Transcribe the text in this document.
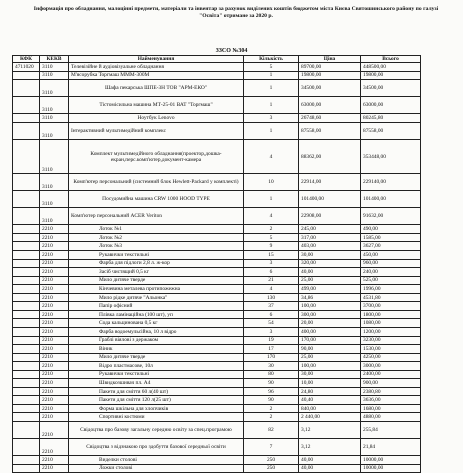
Інформація про обладнання, малоцінні предмети, матеріали та інвентар за рахунок виділених коштів бюджетом міста Києва Святошинського району по галузі "Освіта" отримане за 2020 р.
ЗЗСО №304
КФК	КЕКВ	Найменування	Кількість	Ціна	Всього
4711020	3110	Телевізійне й аудіовізуальне обладнання	5	89700,00	448500,00
	3110	М'ясорубка Торгмаш МММ-300М	1	19800,00	19800,00
	3110	Шафа пекарська ШПЕ-3Н ТОВ "АРМ-ЕКО"	1	34500,00	34500,00
	3110	Тістомісильна машина МТ-25-01 ВАТ "Торгмаш"	1	63000,00	63000,00
	3110	Ноутбук Lenovo	3	26748,60	80245,80
	3110	Інтерактивний мультимедійний комплекс	1	87558,00	87558,00
	3110	Комплект мультимедійного обладнання(проектор,дошка-екран,перс.комп'ютер,документ-камера	4	88362,00	353448,00
	3110	Комп'ютер персональний (системний блок Hewlett-Packard у комплекті)	10	22914,00	229140,00
	3110	Посудомийна машина CRW 1000 HOOD TYPE	1	101400,00	101400,00
	3110	Комп'ютер персональний ACER Veriton	4	22908,00	91632,00
	2210	Лоток №1	2	245,00	490,00
	2210	Лоток №2	5	317,00	1585,00
	2210	Лоток №3	9	403,00	3627,00
	2210	Рукавички текстильні	15	30,00	450,00
	2210	Фарба для підлоги 2,8 л. ж-кор	3	320,00	960,00
	2210	Засіб чистящий 0,5 кг	6	40,00	240,00
	2210	Мило дитяче тверде	21	25,00	525,00
	2210	Кінчевина металева протипожежна	4	499,00	1996,00
	2210	Мило рідке дитяче "Альонка"	130	34,86	4531,80
	2210	Папір офісний	37	100,00	3700,00
	2210	Плівка ламінаційна (100 шт), уп	6	300,00	1800,00
	2210	Сода кальцинована 0,5 кг	54	20,00	1080,00
	2210	Фарба водоемульсійна, 10 л відро	3	400,00	1200,00
	2210	Граблі віялові з держаком	19	170,00	3230,00
	2210	Віник	17	90,00	1530,00
	2210	Мило дитяче тверде	170	25,00	4250,00
	2210	Відро пластмасове, 10л	30	100,00	3000,00
	2210	Рукавички текстильні	80	30,00	2400,00
	2210	Швидкозшивач пл. А4	90	10,00	900,00
	2210	Пакети для сміття 60 л(40 шт)	96	24,80	2380,80
	2210	Пакети для сміття 120 л(25 шт)	90	40,40	3636,00
	2210	Форма шкільна для хлопчиків	2	840,00	1680,00
	2210	Спортивні костюми	2	2 440,00	4880,00
	2210	Свідоцтва про базову загальну середню освіту за спец.програмою	82	3,12	255,84
	2210	Свідоцтва з відзнакою про здобуття базової середньої освіти	7	3,12	21,84
	2210	Виделки столові	250	40,00	10000,00
	2210	Ложки столові	250	40,00	10000,00
